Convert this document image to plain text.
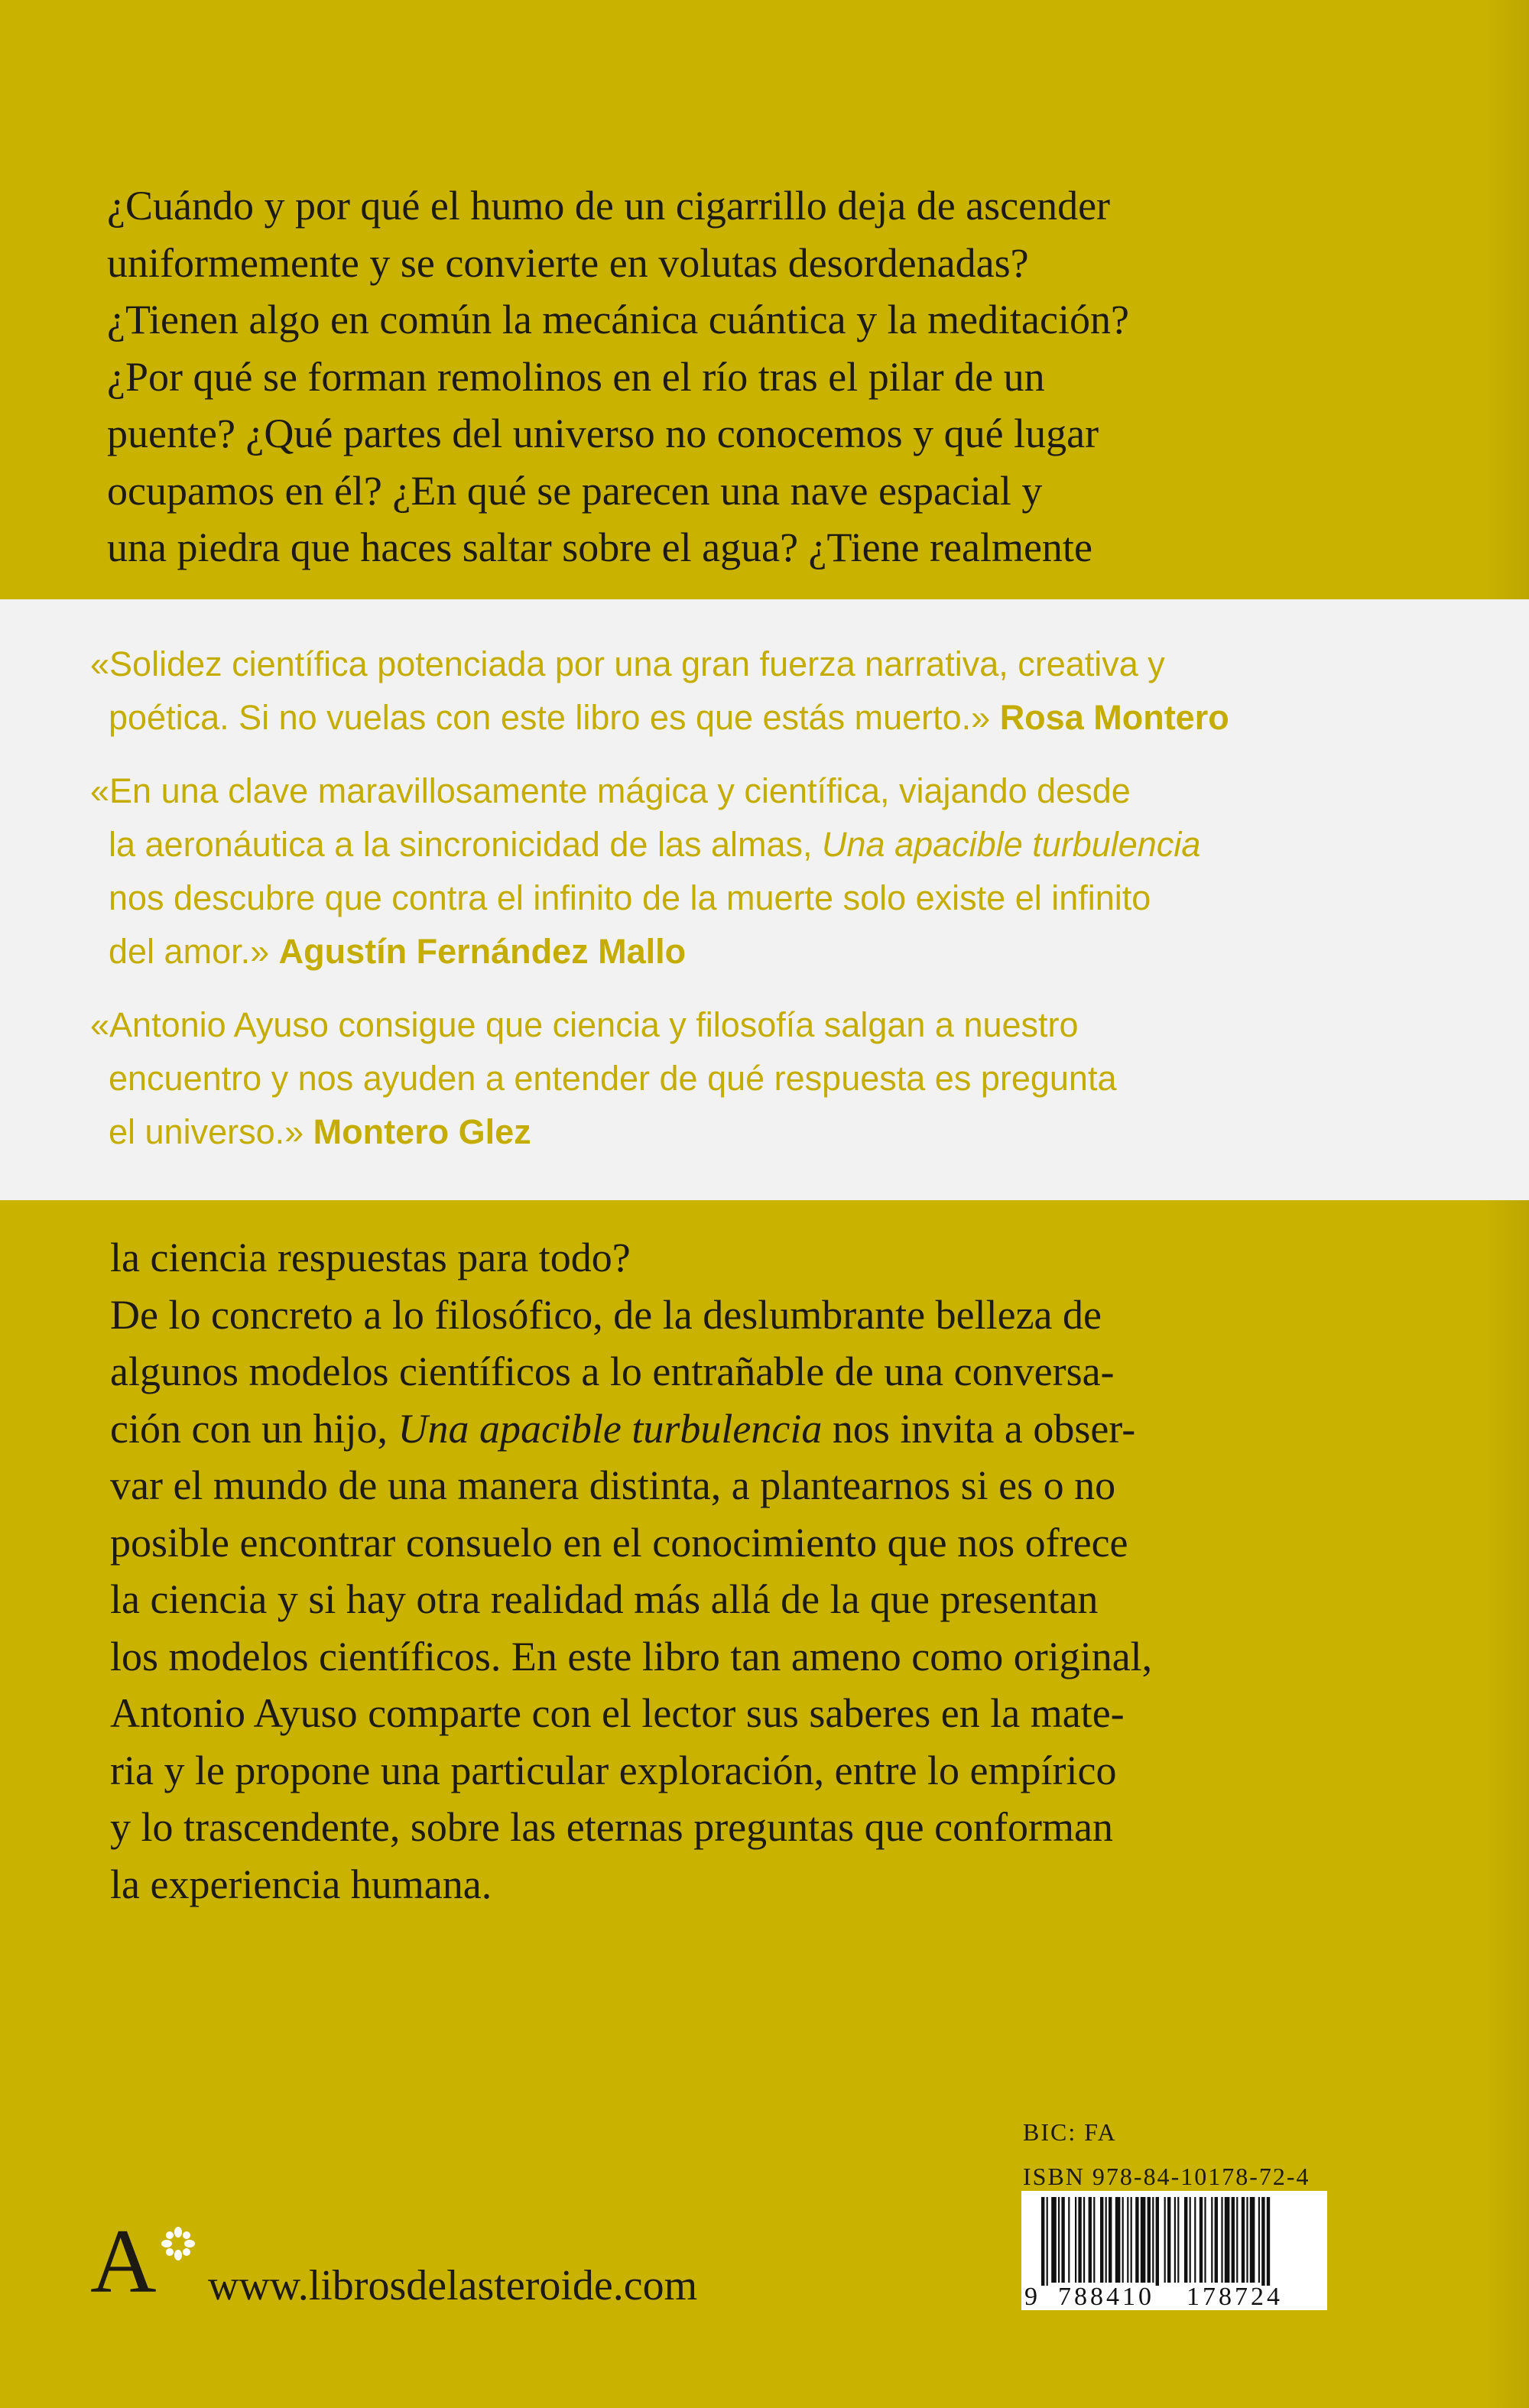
¿Cuándo y por qué el humo de un cigarrillo deja de ascender

uniformemente y se convierte en volutas desordenadas?

¿Tienen algo en común la mecánica cuántica y la meditación?

¿Por qué se forman remolinos en el río tras el pilar de un

puente? ¿Qué partes del universo no conocemos y qué lugar

ocupamos en él? ¿En qué se parecen una nave espacial y

una piedra que haces saltar sobre el agua? ¿Tiene realmente

«Solidez científica potenciada por una gran fuerza narrativa, creativa y
poética. Si no vuelas con este libro es que estás muerto.» Rosa Montero
«En una clave maravillosamente mágica y científica, viajando desde
la aeronáutica a la sincronicidad de las almas, Una apacible turbulencia
nos descubre que contra el infinito de la muerte solo existe el infinito
del amor.» Agustín Fernández Mallo
«Antonio Ayuso consigue que ciencia y filosofía salgan a nuestro
encuentro y nos ayuden a entender de qué respuesta es pregunta
el universo.» Montero Glez
la ciencia respuestas para todo?
De lo concreto a lo filosófico, de la deslumbrante belleza de
algunos modelos científicos a lo entrañable de una conversa-
ción con un hijo, Una apacible turbulencia nos invita a obser-
var el mundo de una manera distinta, a plantearnos si es o no
posible encontrar consuelo en el conocimiento que nos ofrece
la ciencia y si hay otra realidad más allá de la que presentan
los modelos científicos. En este libro tan ameno como original,
Antonio Ayuso comparte con el lector sus saberes en la mate-
ria y le propone una particular exploración, entre lo empírico
y lo trascendente, sobre las eternas preguntas que conforman
la experiencia humana.
A www.librosdelasteroide.com
BIC: FA
ISBN 978-84-10178-72-4
9 788410 178724
